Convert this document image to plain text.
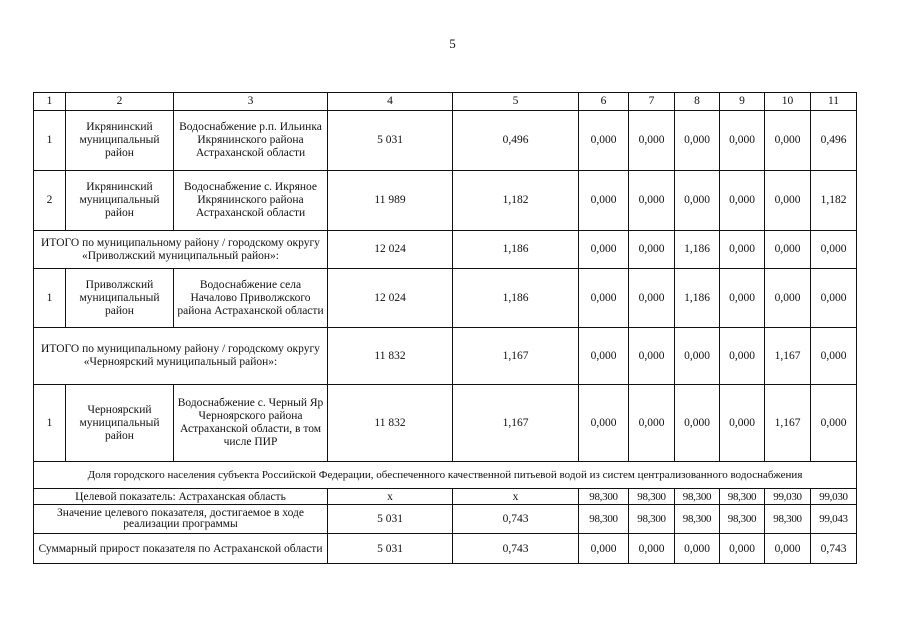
5
1	2	3	4	5	6	7	8	9	10	11
1	Икрянинский муниципальный район	Водоснабжение р.п. Ильинка Икрянинского района Астраханской области	5 031	0,496	0,000	0,000	0,000	0,000	0,000	0,496
2	Икрянинский муниципальный район	Водоснабжение с. Икряное Икрянинского района Астраханской области	11 989	1,182	0,000	0,000	0,000	0,000	0,000	1,182
ИТОГО по муниципальному району / городскому округу «Приволжский муниципальный район»:			12 024	1,186	0,000	0,000	1,186	0,000	0,000	0,000
1	Приволжский муниципальный район	Водоснабжение села Началово Приволжского района Астраханской области	12 024	1,186	0,000	0,000	1,186	0,000	0,000	0,000
ИТОГО по муниципальному району / городскому округу «Черноярский муниципальный район»:			11 832	1,167	0,000	0,000	0,000	0,000	1,167	0,000
1	Черноярский муниципальный район	Водоснабжение с. Черный Яр Черноярского района Астраханской области, в том числе ПИР	11 832	1,167	0,000	0,000	0,000	0,000	1,167	0,000
Доля городского населения субъекта Российской Федерации, обеспеченного качественной питьевой водой из систем централизованного водоснабжения										
Целевой показатель: Астраханская область			х	х	98,300	98,300	98,300	98,300	99,030	99,030
Значение целевого показателя, достигаемое в ходе реализации программы			5 031	0,743	98,300	98,300	98,300	98,300	98,300	99,043
Суммарный прирост показателя по Астраханской области			5 031	0,743	0,000	0,000	0,000	0,000	0,000	0,743
